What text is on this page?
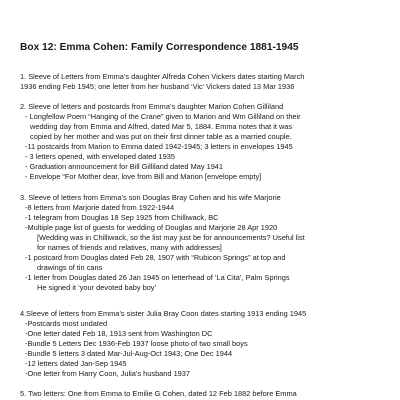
Box 12: Emma Cohen: Family Correspondence 1881-1945
1. Sleeve of Letters from Emma’s daughter Alfreda Cohen Vickers dates starting March
1936 ending Feb 1945; one letter from her husband ‘Vic’ Vickers dated 13 Mar 1936
2. Sleeve of letters and postcards from Emma’s daughter Marion Cohen Gilliland
- Longfellow Poem “Hanging of the Crane” given to Marion and Wm Gilliland on their
wedding day from Emma and Alfred, dated Mar 5, 1884. Emma notes that it was
copied by her mother and was put on their first dinner table as a married couple.
-11 postcards from Marion to Emma dated 1942-1945; 3 letters in envelopes 1945
- 3 letters opened, with enveloped dated 1935
- Graduation announcement for Bill Gilliland dated May 1941
- Envelope “For Mother dear, love from Bill and Marion [envelope empty]
3. Sleeve of letters from Emma’s son Douglas Bray Cohen and his wife Marjorie
-8 letters from Marjorie dated from 1922-1944
-1 telegram from Douglas 18 Sep 1925 from Chilliwack, BC
-Multiple page list of guests for wedding of Douglas and Marjorie 28 Apr 1920
[Wedding was in Chilliwack, so the list may just be for announcements? Useful list
for names of friends and relatives, many with addresses]
-1 postcard from Douglas dated Feb 28, 1907 with “Rubicon Springs” at top and
drawings of tin cans
-1 letter from Douglas dated 26 Jan 1945 on letterhead of ‘La Cita’, Palm Springs
He signed it ‘your devoted baby boy’
4.Sleeve of letters from Emma’s sister Julia Bray Coon dates starting 1913 ending 1945
-Postcards most undated
-One letter dated Feb 18, 1913 sent from Washington DC
-Bundle 5 Letters Dec 1936-Feb 1937 loose photo of two small boys
-Bundle 5 letters 3 dated Mar-Jul-Aug-Oct 1943; One Dec 1944
-12 letters dated Jan-Sep 1945
-One letter from Harry Coon, Julia’s husband 1937
5. Two letters: One from Emma to Emilie G Cohen, dated 12 Feb 1882 before Emma
